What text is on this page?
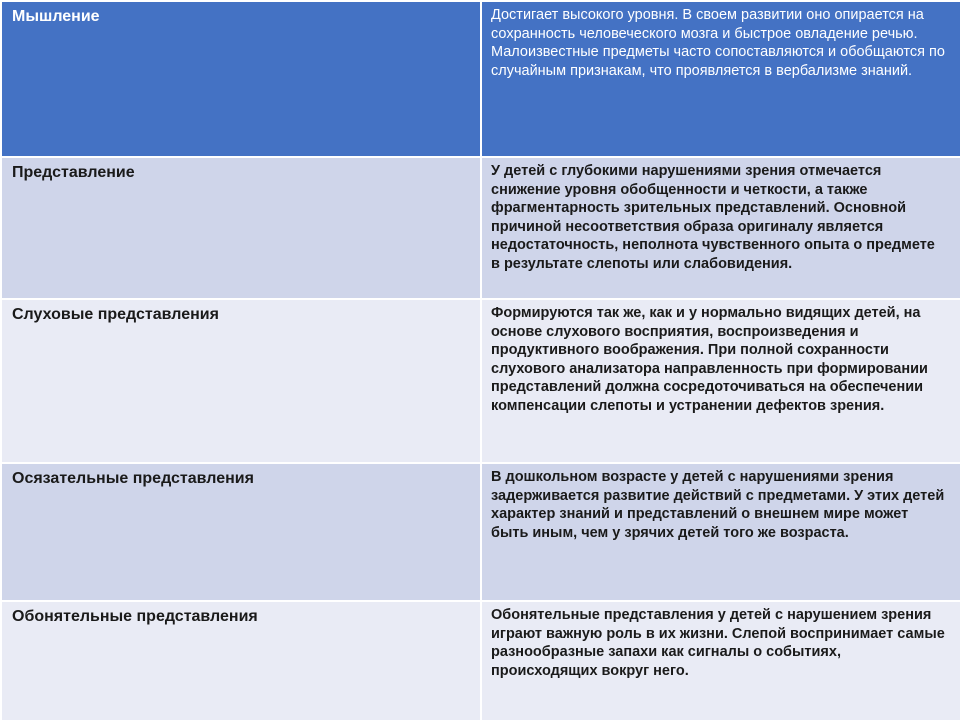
Мышление	Достигает высокого уровня. В своем развитии оно опирается на сохранность человеческого мозга и быстрое овладение речью. Малоизвестные предметы часто сопоставляются и обобщаются по случайным признакам, что проявляется в вербализме знаний.
Представление	У детей с глубокими нарушениями зрения отмечается снижение уровня обобщенности и четкости, а также фрагментарность зрительных представлений. Основной причиной несоответствия образа оригиналу является недостаточность, неполнота чувственного опыта о предмете в результате слепоты или слабовидения.
Слуховые представления	Формируются так же, как и у нормально видящих детей, на основе слухового восприятия, воспроизведения и продуктивного воображения. При полной сохранности слухового анализатора направленность при формировании представлений должна сосредоточиваться на обеспечении компенсации слепоты и устранении дефектов зрения.
Осязательные представления	В дошкольном возрасте у детей с нарушениями зрения задерживается развитие действий с предметами. У этих детей характер знаний и представлений о внешнем мире может быть иным, чем у зрячих детей того же возраста.
Обонятельные представления	Обонятельные представления у детей с нарушением зрения играют важную роль в их жизни. Слепой воспринимает самые разнообразные запахи как сигналы о событиях, происходящих вокруг него.
